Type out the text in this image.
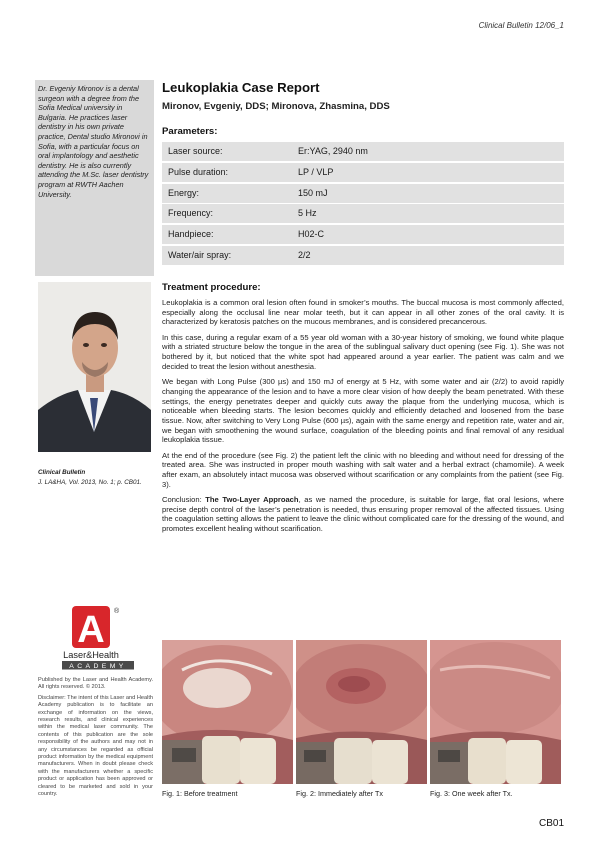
Clinical Bulletin 12/06_1
Dr. Evgeniy Mironov is a dental surgeon with a degree from the Sofia Medical university in Bulgaria. He practices laser dentistry in his own private practice, Dental studio Mironovi in Sofia, with a particular focus on oral implantology and aesthetic dentistry. He is also currently attending the M.Sc. laser dentistry program at RWTH Aachen University.
Clinical Bulletin
J. LA&HA, Vol. 2013, No. 1; p. CB01.
Leukoplakia Case Report
Mironov, Evgeniy, DDS; Mironova, Zhasmina, DDS
Parameters:
Laser source:	Er:YAG, 2940 nm
Pulse duration:	LP / VLP
Energy:	150 mJ
Frequency:	5 Hz
Handpiece:	H02-C
Water/air spray:	2/2
Treatment procedure:

Leukoplakia is a common oral lesion often found in smoker’s mouths. The buccal mucosa is most commonly affected, especially along the occlusal line near molar teeth, but it can appear in all other zones of the oral cavity. It is characterized by keratosis patches on the mucous membranes, and is considered precancerous.

In this case, during a regular exam of a 55 year old woman with a 30-year history of smoking, we found white plaque with a striated structure below the tongue in the area of the sublingual salivary duct opening (see Fig. 1). She was not bothered by it, but noticed that the white spot had appeared around a year earlier. The patient was calm and we decided to treat the lesion without anesthesia.

We began with Long Pulse (300 µs) and 150 mJ of energy at 5 Hz, with some water and air (2/2) to avoid rapidly changing the appearance of the lesion and to have a more clear vision of how deeply the beam penetrated. With these settings, the energy penetrates deeper and quickly cuts away the plaque from the underlying mucosa, which is noticeable when bleeding starts. The lesion becomes quickly and efficiently detached and loosened from the base tissue. Now, after switching to Very Long Pulse (600 µs), again with the same energy and repetition rate, water and air, we began with smoothening the wound surface, coagulation of the bleeding points and final removal of any residual leukoplakia tissue.

At the end of the procedure (see Fig. 2) the patient left the clinic with no bleeding and without need for dressing of the treated area. She was instructed in proper mouth washing with salt water and a herbal extract (chamomile). A week after exam, an absolutely intact mucosa was observed without scarification or any complaints from the patient (see Fig. 3).

Conclusion: The Two-Layer Approach, as we named the procedure, is suitable for large, flat oral lesions, where precise depth control of the laser’s penetration is needed, thus ensuring proper removal of the affected tissues. Using the coagulation setting allows the patient to leave the clinic without complicated care for the dressing of the wound, and promotes excellent healing without scarification.

A ®
Laser&Health
ACADEMY

Published by the Laser and Health Academy. All rights reserved. © 2013.

Disclaimer: The intent of this Laser and Health Academy publication is to facilitate an exchange of information on the views, research results, and clinical experiences within the medical laser community. The contents of this publication are the sole responsibility of the authors and may not in any circumstances be regarded as official product information by the medical equipment manufacturers. When in doubt please check with the manufacturers whether a specific product or application has been approved or cleared to be marketed and sold in your country.	Fig. 1: Before treatment	Fig. 2: Immediately after Tx	Fig. 3: One week after Tx.
CB01
